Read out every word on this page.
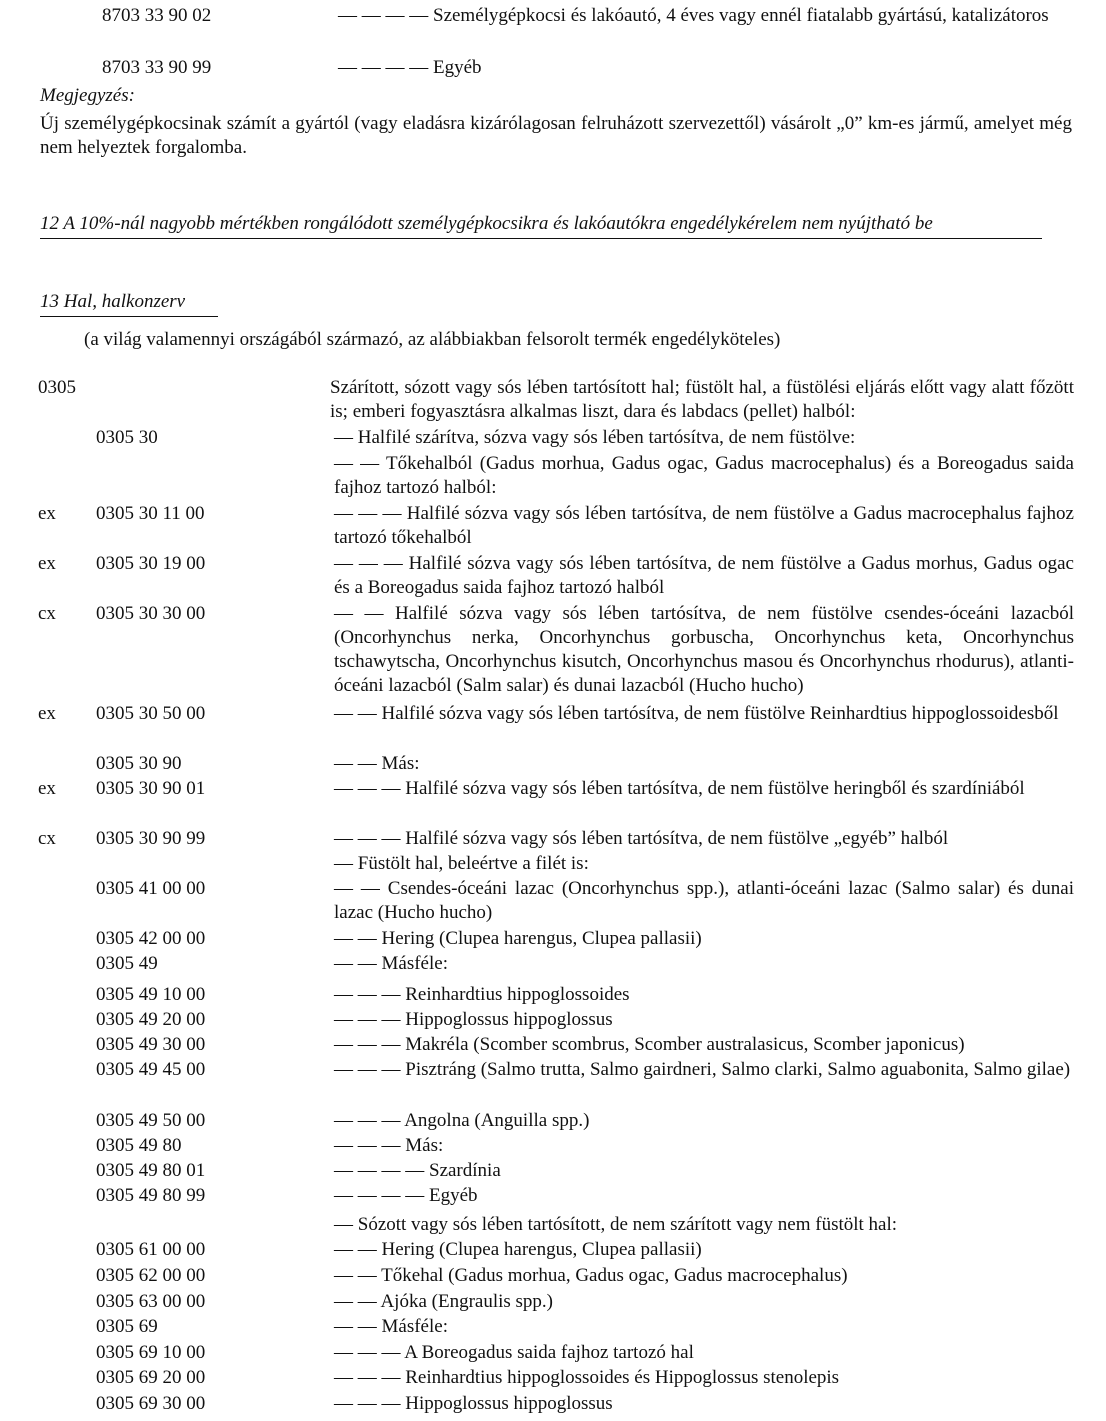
8703 33 90 02	— — — — Személygépkocsi és lakóautó, 4 éves vagy ennél fiatalabb gyártású, katalizátoros
8703 33 90 99	— — — — Egyéb
Megjegyzés:
Új személygépkocsinak számít a gyártól (vagy eladásra kizárólagosan felruházott szervezettől) vásárolt „0” km-es jármű, amelyet még nem helyeztek forgalomba.
12 A 10%-nál nagyobb mértékben rongálódott személygépkocsikra és lakóautókra engedélykérelem nem nyújtható be
13 Hal, halkonzerv
(a világ valamennyi országából származó, az alábbiakban felsorolt termék engedélyköteles)
0305	Szárított, sózott vagy sós lében tartósított hal; füstölt hal, a füstölési eljárás előtt vagy alatt főzött is; emberi fogyasztásra alkalmas liszt, dara és labdacs (pellet) halból:
0305 30	— Halfilé szárítva, sózva vagy sós lében tartósítva, de nem füstölve:
— — Tőkehalból (Gadus morhua, Gadus ogac, Gadus macrocephalus) és a Boreogadus saida fajhoz tartozó halból:
ex 0305 30 11 00	— — — Halfilé sózva vagy sós lében tartósítva, de nem füstölve a Gadus macrocephalus fajhoz tartozó tőkehalból
ex 0305 30 19 00	— — — Halfilé sózva vagy sós lében tartósítva, de nem füstölve a Gadus morhus, Gadus ogac és a Boreogadus saida fajhoz tartozó halból
cx 0305 30 30 00	— — Halfilé sózva vagy sós lében tartósítva, de nem füstölve csendes-óceáni lazacból (Oncorhynchus nerka, Oncorhynchus gorbuscha, Oncorhynchus keta, Oncorhynchus tschawytscha, Oncorhynchus kisutch, Oncorhynchus masou és Oncorhynchus rhodurus), atlanti-óceáni lazacból (Salm salar) és dunai lazacból (Hucho hucho)
ex 0305 30 50 00	— — Halfilé sózva vagy sós lében tartósítva, de nem füstölve Reinhardtius hippoglossoidesből
0305 30 90	— — Más:
ex 0305 30 90 01	— — — Halfilé sózva vagy sós lében tartósítva, de nem füstölve heringből és szardíniából
cx 0305 30 90 99	— — — Halfilé sózva vagy sós lében tartósítva, de nem füstölve „egyéb” halból
— Füstölt hal, beleértve a filét is:
0305 41 00 00	— — Csendes-óceáni lazac (Oncorhynchus spp.), atlanti-óceáni lazac (Salmo salar) és dunai lazac (Hucho hucho)
0305 42 00 00	— — Hering (Clupea harengus, Clupea pallasii)
0305 49	— — Másféle:
0305 49 10 00	— — — Reinhardtius hippoglossoides
0305 49 20 00	— — — Hippoglossus hippoglossus
0305 49 30 00	— — — Makréla (Scomber scombrus, Scomber australasicus, Scomber japonicus)
0305 49 45 00	— — — Pisztráng (Salmo trutta, Salmo gairdneri, Salmo clarki, Salmo aguabonita, Salmo gilae)
0305 49 50 00	— — — Angolna (Anguilla spp.)
0305 49 80	— — — Más:
0305 49 80 01	— — — — Szardínia
0305 49 80 99	— — — — Egyéb
— Sózott vagy sós lében tartósított, de nem szárított vagy nem füstölt hal:
0305 61 00 00	— — Hering (Clupea harengus, Clupea pallasii)
0305 62 00 00	— — Tőkehal (Gadus morhua, Gadus ogac, Gadus macrocephalus)
0305 63 00 00	— — Ajóka (Engraulis spp.)
0305 69	— — Másféle:
0305 69 10 00	— — — A Boreogadus saida fajhoz tartozó hal
0305 69 20 00	— — — Reinhardtius hippoglossoides és Hippoglossus stenolepis
0305 69 30 00	— — — Hippoglossus hippoglossus
